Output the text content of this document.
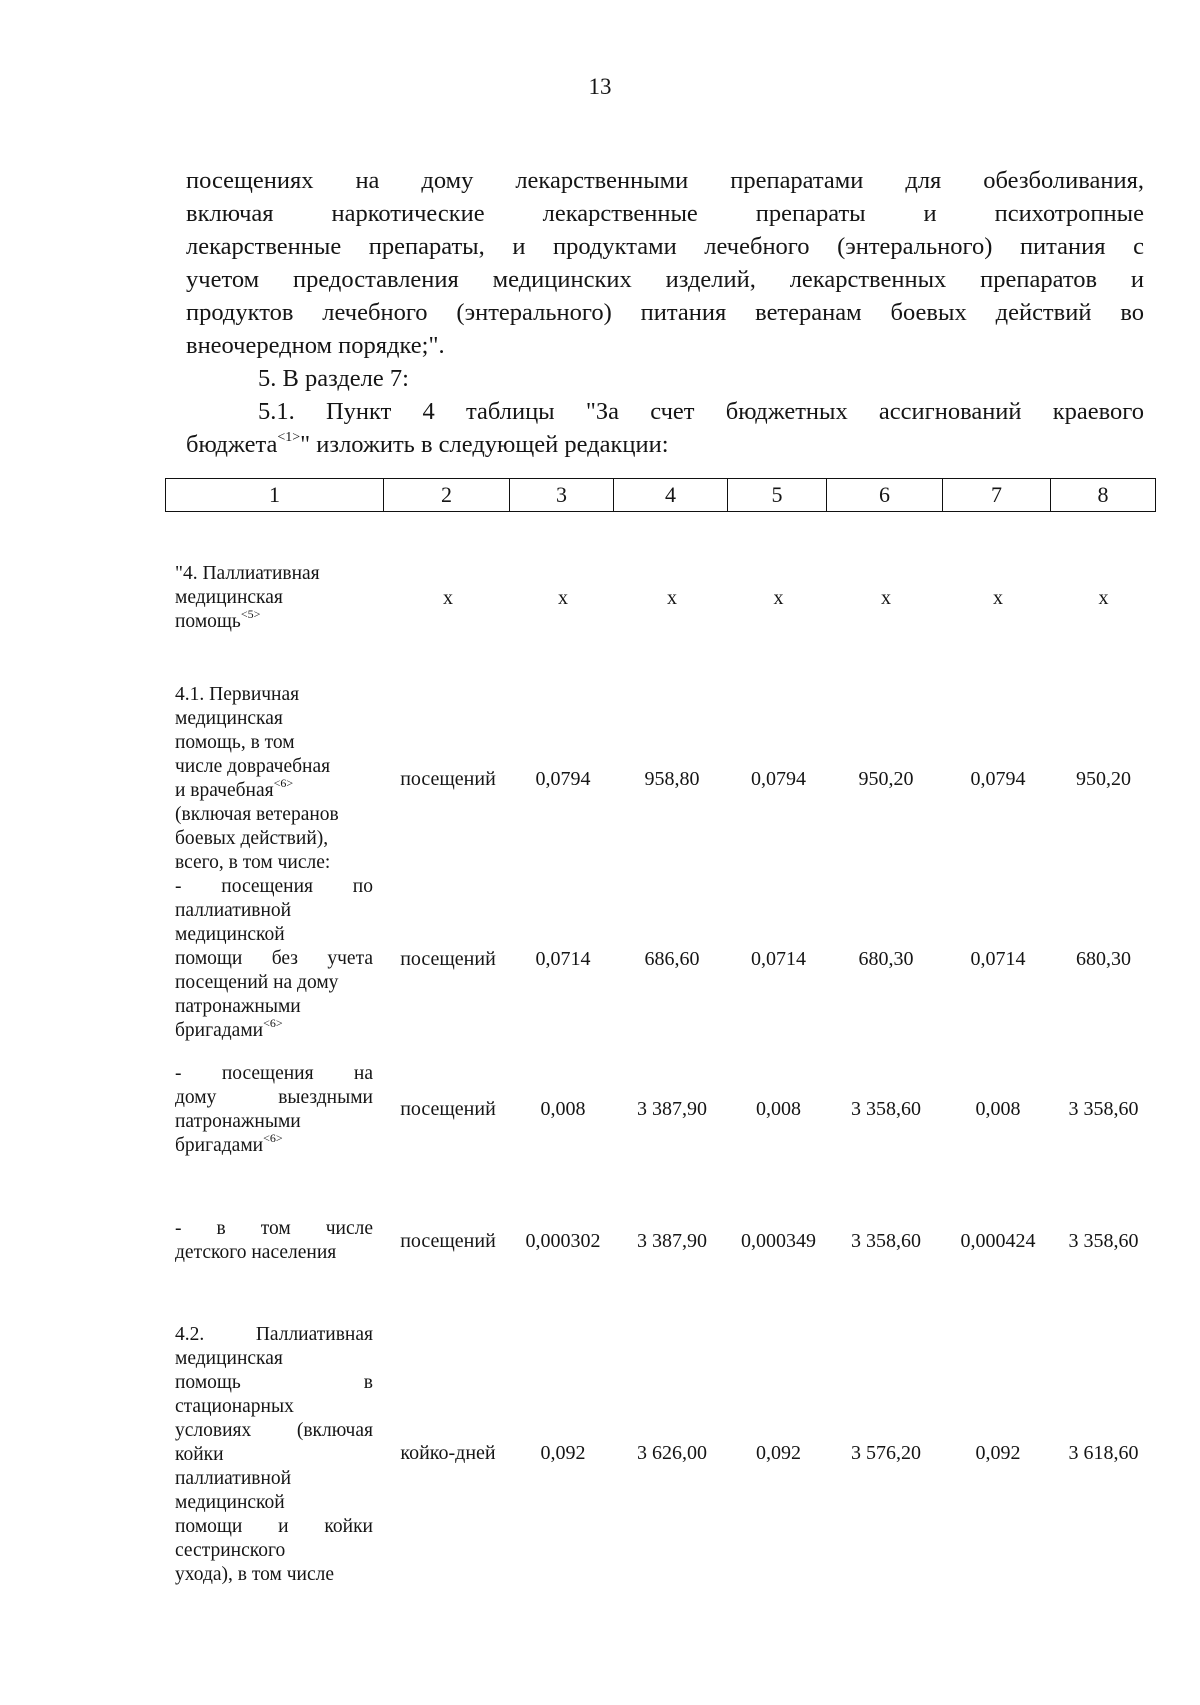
13

посещениях на дому лекарственными препаратами для обезболивания,

включая наркотические лекарственные препараты и психотропные

лекарственные препараты, и продуктами лечебного (энтерального) питания с

учетом предоставления медицинских изделий, лекарственных препаратов и

продуктов лечебного (энтерального) питания ветеранам боевых действий во

внеочередном порядке;".

5. В разделе 7:

5.1. Пункт 4 таблицы "За счет бюджетных ассигнований краевого

бюджета$^{<1>}$" изложить в следующей редакции:

1	2	3	4	5	6	7	8
"4. Паллиативная
медицинская
помощь$^{<5>}$
x	x	x	x	x	x	x
4.1. Первичная
медицинская
помощь, в том
числе доврачебная
и врачебная$^{<6>}$
(включая ветеранов
боевых действий),
всего, в том числе:
посещений	0,0794	958,80	0,0794	950,20	0,0794	950,20
- посещения по
паллиативной
медицинской
помощи без учета
посещений на дому
патронажными
бригадами$^{<6>}$
посещений	0,0714	686,60	0,0714	680,30	0,0714	680,30
- посещения на
дому выездными
патронажными
бригадами$^{<6>}$
посещений	0,008	3 387,90	0,008	3 358,60	0,008	3 358,60
- в том числе
детского населения
посещений	0,000302	3 387,90	0,000349	3 358,60	0,000424	3 358,60
4.2. Паллиативная
медицинская
помощь в
стационарных
условиях (включая
койки
паллиативной
медицинской
помощи и койки
сестринского
ухода), в том числе
койко-дней	0,092	3 626,00	0,092	3 576,20	0,092	3 618,60
